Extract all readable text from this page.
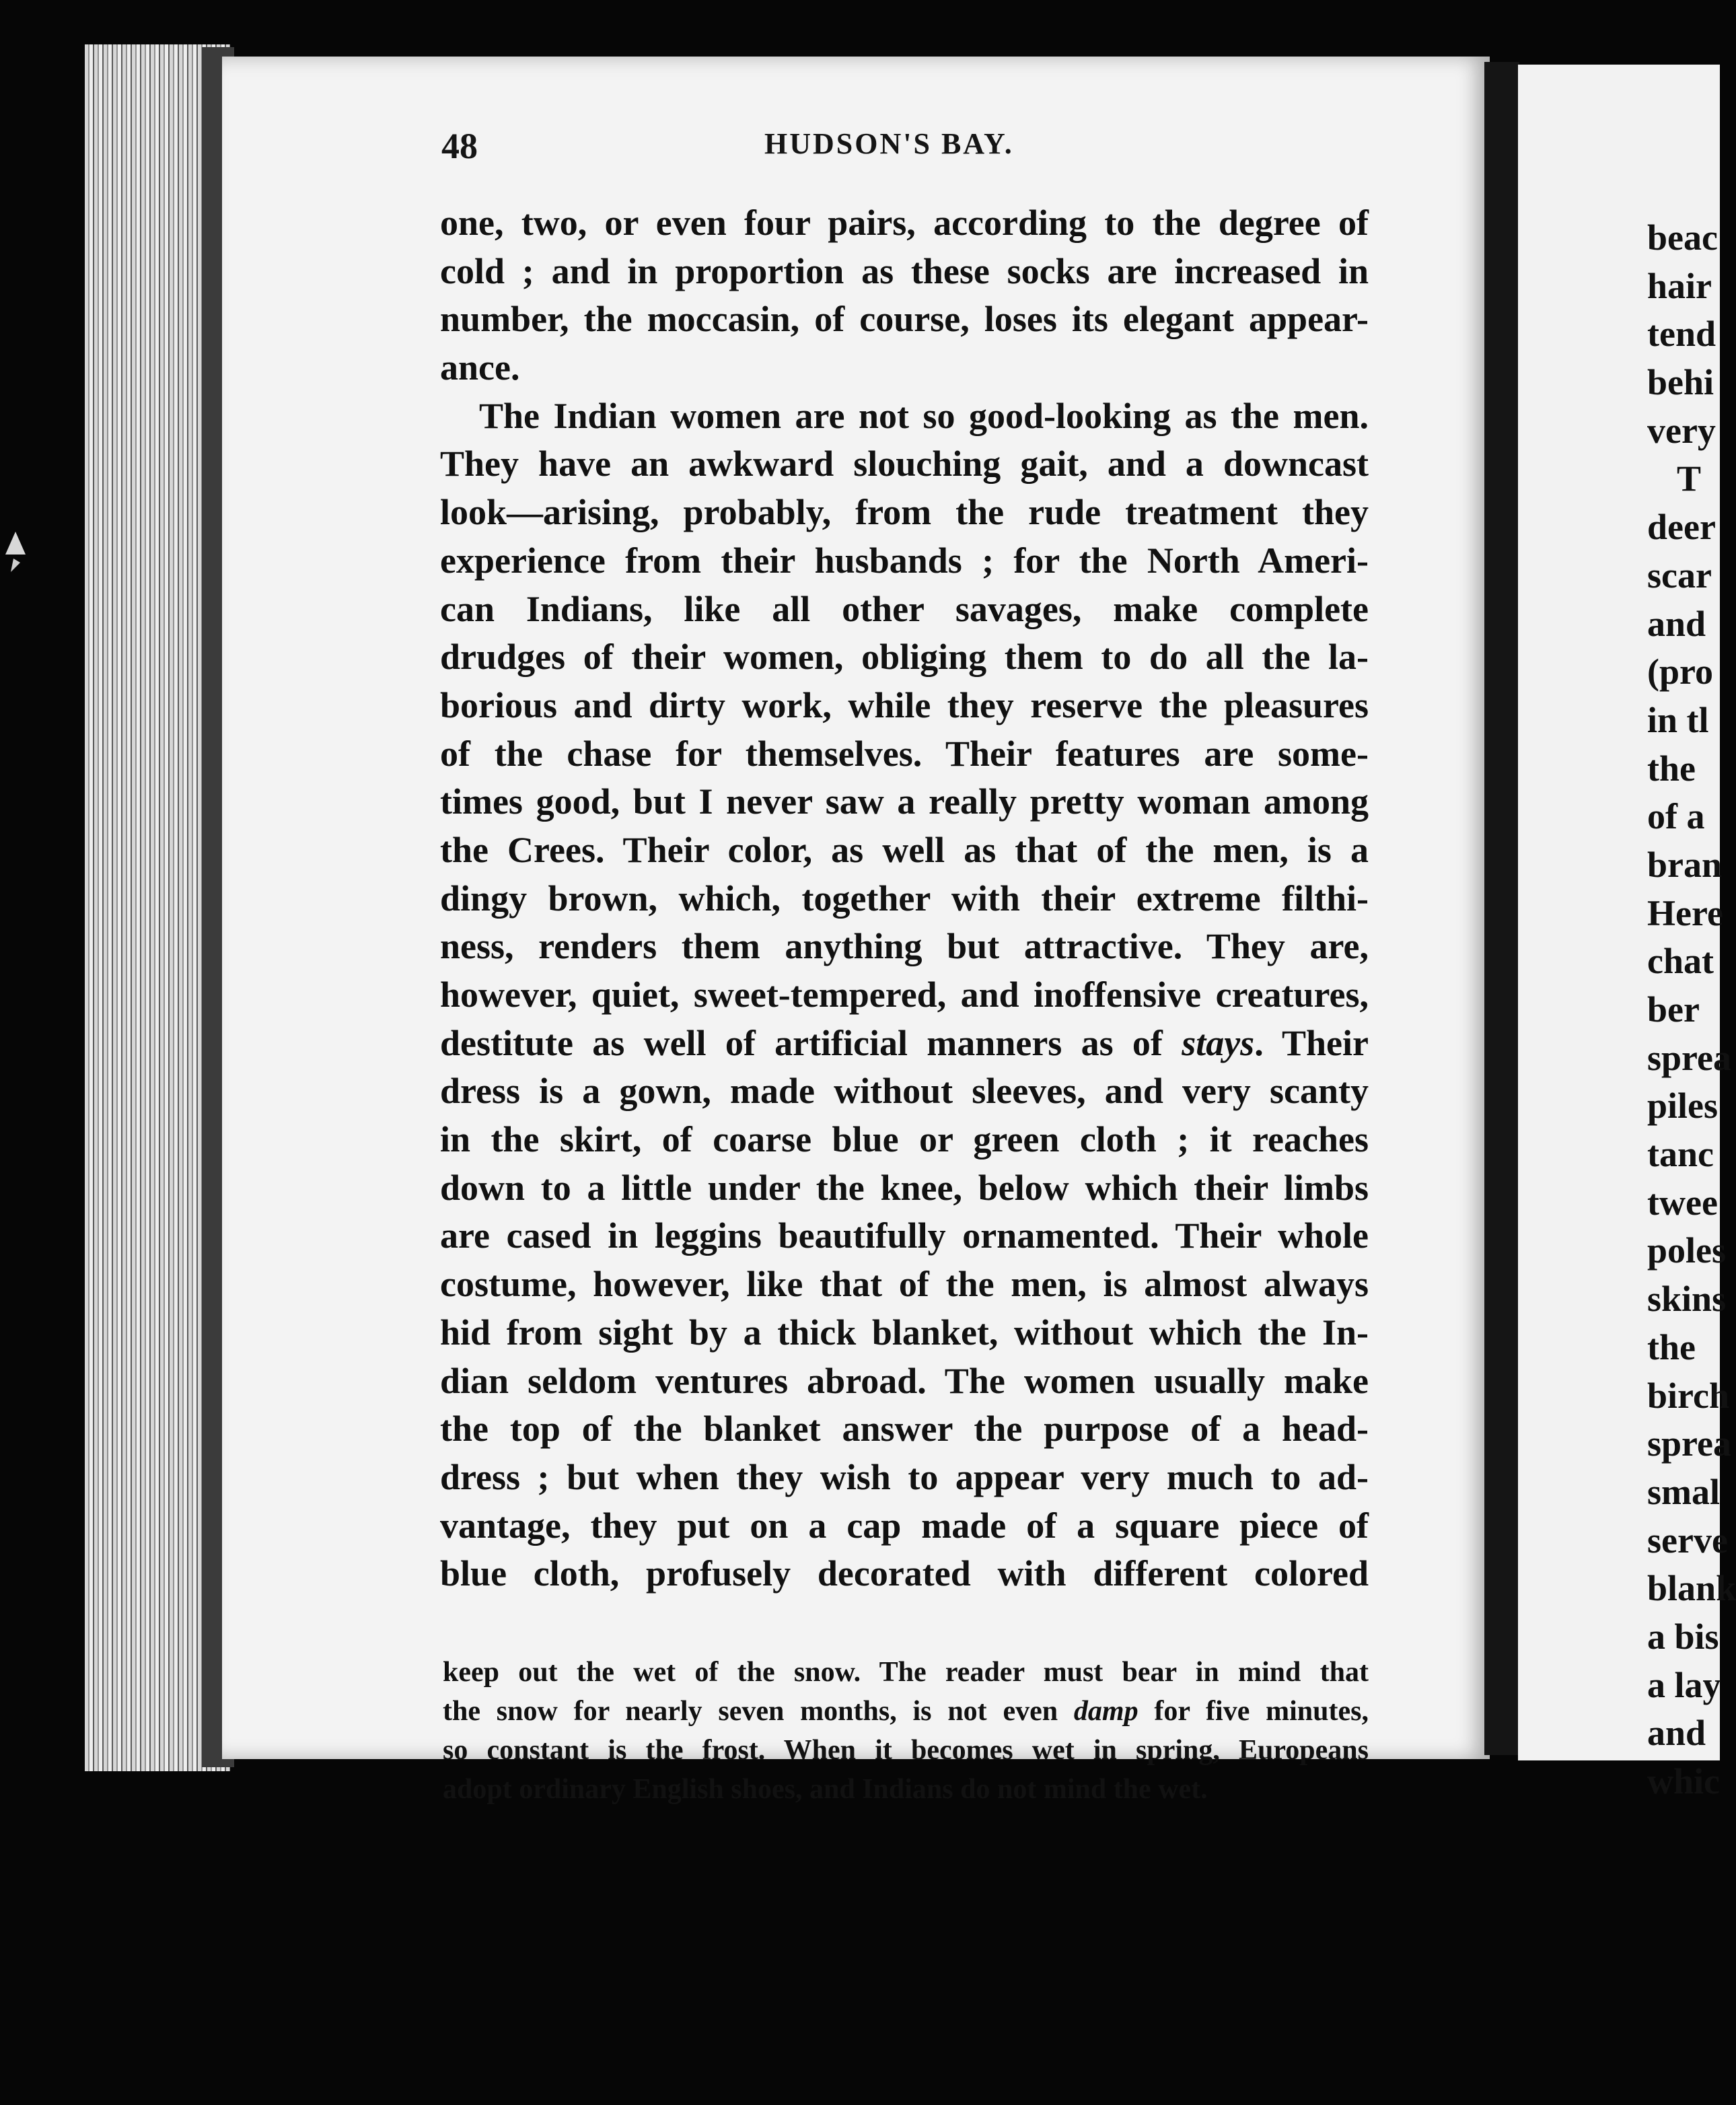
48	HUDSON'S BAY.
one, two, or even four pairs, according to the degree of
cold ; and in proportion as these socks are increased in
number, the moccasin, of course, loses its elegant appear-
ance.
The Indian women are not so good-looking as the men.
They have an awkward slouching gait, and a downcast
look—arising, probably, from the rude treatment they
experience from their husbands ; for the North Ameri-
can Indians, like all other savages, make complete
drudges of their women, obliging them to do all the la-
borious and dirty work, while they reserve the pleasures
of the chase for themselves. Their features are some-
times good, but I never saw a really pretty woman among
the Crees. Their color, as well as that of the men, is a
dingy brown, which, together with their extreme filthi-
ness, renders them anything but attractive. They are,
however, quiet, sweet-tempered, and inoffensive creatures,
destitute as well of artificial manners as of stays. Their
dress is a gown, made without sleeves, and very scanty
in the skirt, of coarse blue or green cloth ; it reaches
down to a little under the knee, below which their limbs
are cased in leggins beautifully ornamented. Their whole
costume, however, like that of the men, is almost always
hid from sight by a thick blanket, without which the In-
dian seldom ventures abroad. The women usually make
the top of the blanket answer the purpose of a head-
dress ; but when they wish to appear very much to ad-
vantage, they put on a cap made of a square piece of
blue cloth, profusely decorated with different colored
keep out the wet of the snow. The reader must bear in mind that
the snow for nearly seven months, is not even damp for five minutes,
so constant is the frost. When it becomes wet in spring, Europeans
adopt ordinary English shoes, and Indians do not mind the wet.
beac
hair
tend
behi
very
T
deer
scar
and
(pro
in tl
the
of a
bran
Here
chat
ber
sprea
piles
tanc
twee
poles
skins
the
birch
sprea
smal
serve
blank
a bis
a lay
and
whic
